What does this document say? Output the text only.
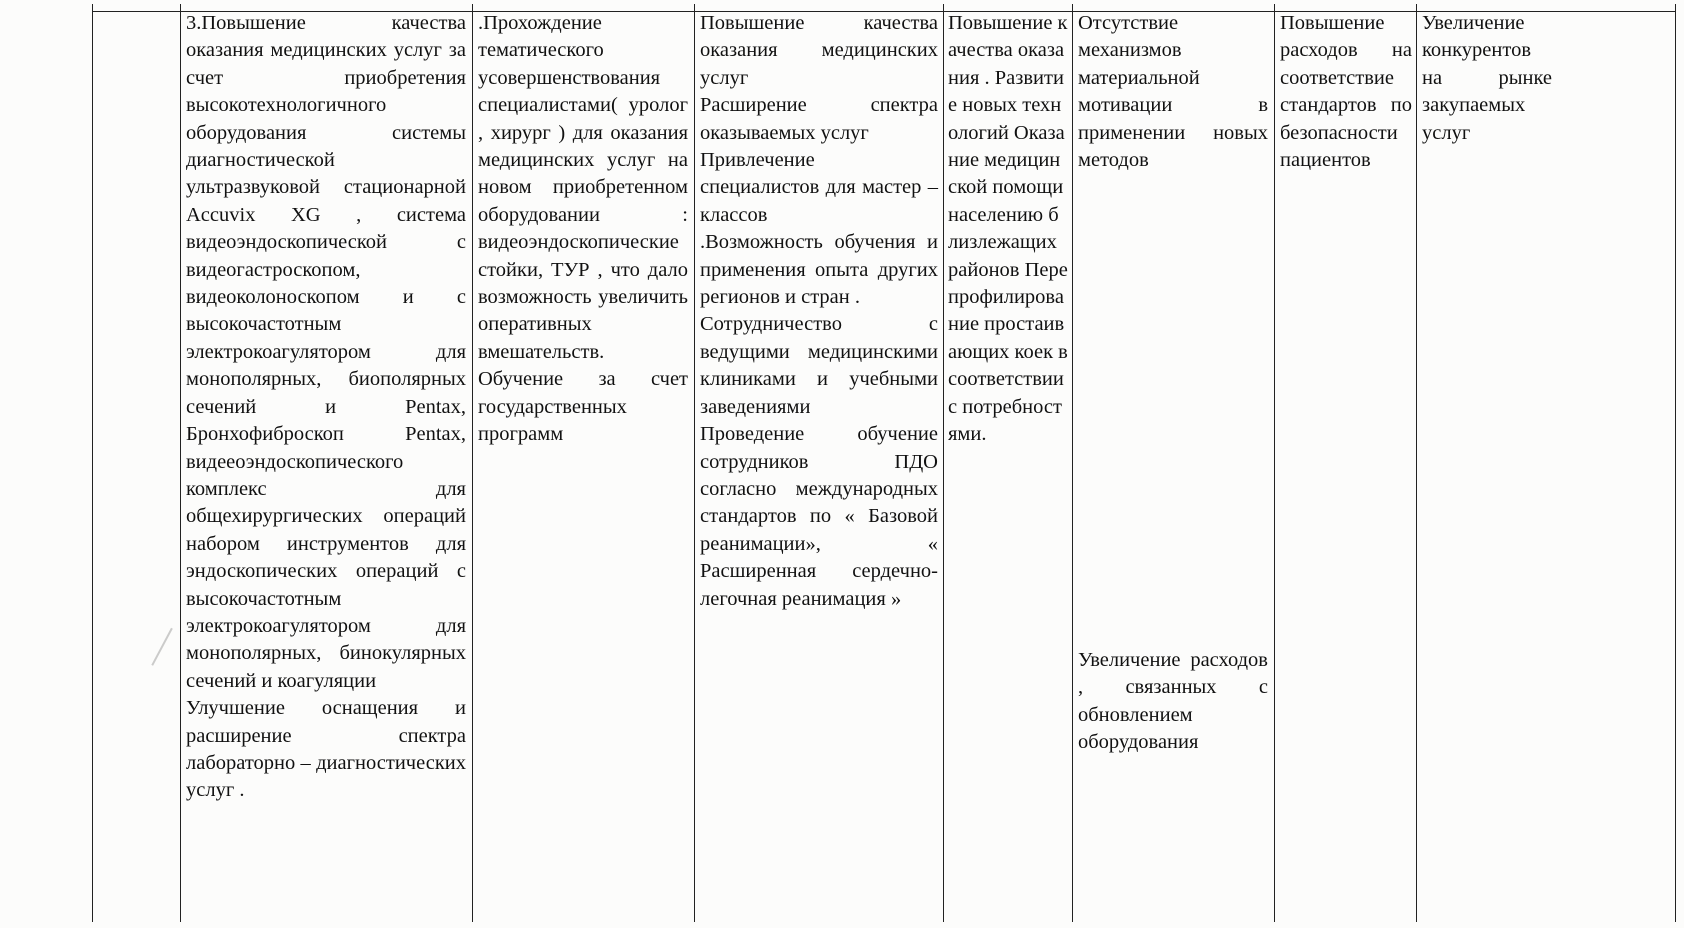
3.Повышение качества оказания медицинских услуг за счет приобретения высокотехнологичного оборудования системы диагностической ультразвуковой стационарной Accuvix XG , система видеоэндоскопической с видеогастроскопом, видеоколоноскопом и с высокочастотным электрокоагулятором для монополярных, биополярных сечений и Pentax, Бронхофиброскоп Pentax, видееоэндоскопического комплекс для общехирургических операций набором инструментов для эндоскопических операций с высокочастотным электрокоагулятором для монополярных, бинокулярных сечений и коагуляции

Улучшение оснащения и расширение спектра лабораторно – диагностических услуг .

.Прохождение тематического усовершенствования специалистами( уролог , хирург ) для оказания медицинских услуг на новом приобретенном оборудовании : видеоэндоскопические стойки, ТУР , что дало возможность увеличить оперативных вмешательств.

Обучение за счет государственных программ

Повышение качества оказания медицинских услуг

Расширение спектра оказываемых услуг

Привлечение специалистов для мастер – классов

.Возможность обучения и применения опыта других регионов и стран .

Сотрудничество с ведущими медицинскими клиниками и учебными заведениями

Проведение обучение сотрудников ПДО согласно международных стандартов по « Базовой реанимации», « Расширенная сердечно- легочная реанимация »

Повышение качества оказания . Развитие новых технологий Оказание медицинской помощи населению близлежащих районов Перепрофилирование простаивающих коек в соответствии с потребностями.

Отсутствие механизмов материальной мотивации в применении новых методов

Увеличение расходов , связанных с обновлением оборудования

Повышение расходов на соответствие стандартов по безопасности пациентов

Увеличение конкурентов на рынке закупаемых услуг
